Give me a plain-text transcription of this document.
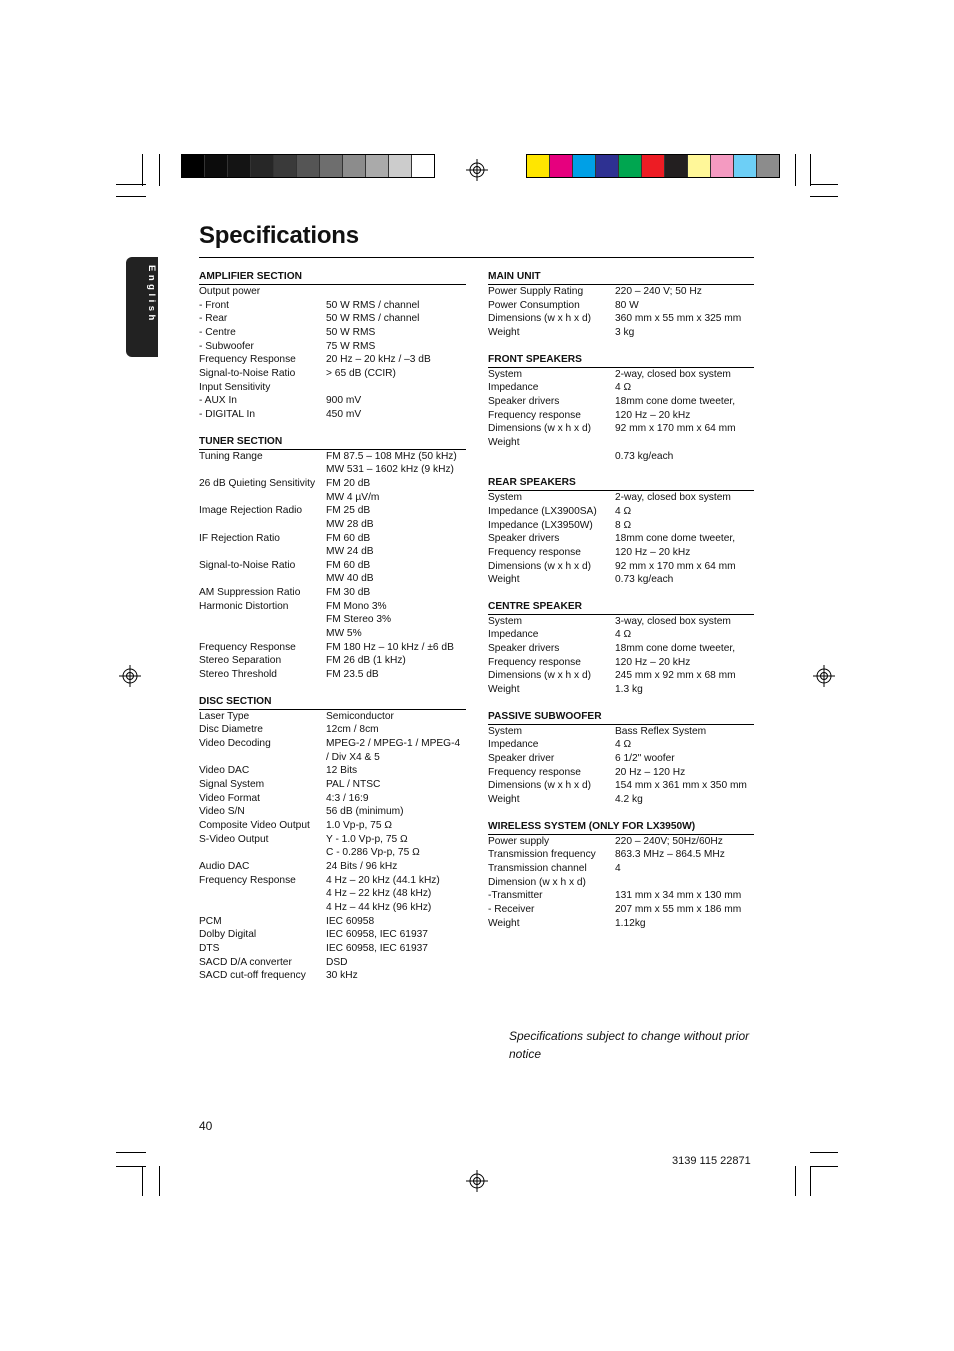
English
Specifications
AMPLIFIER SECTION
Output power
- Front	50 W RMS / channel
- Rear	50 W RMS / channel
- Centre	50 W RMS
- Subwoofer	75 W RMS
Frequency Response	20 Hz – 20 kHz / –3 dB
Signal-to-Noise Ratio	> 65 dB (CCIR)
Input Sensitivity
- AUX In	900 mV
- DIGITAL In	450 mV
TUNER SECTION
Tuning Range	FM 87.5 – 108 MHz (50 kHz)
MW 531 – 1602 kHz (9 kHz)
26 dB Quieting Sensitivity	FM 20 dB
MW 4 µV/m
Image Rejection Radio	FM 25 dB
MW 28 dB
IF Rejection Ratio	FM 60 dB
MW 24 dB
Signal-to-Noise Ratio	FM 60 dB
MW 40 dB
AM Suppression Ratio	FM 30 dB
Harmonic Distortion	FM Mono 3%
FM Stereo 3%
MW 5%
Frequency Response	FM 180 Hz – 10 kHz / ±6 dB
Stereo Separation	FM 26 dB (1 kHz)
Stereo Threshold	FM 23.5 dB
DISC SECTION
Laser Type	Semiconductor
Disc Diametre	12cm / 8cm
Video Decoding	MPEG-2 / MPEG-1 / MPEG-4
/ Div X4 & 5
Video DAC	12 Bits
Signal System	PAL / NTSC
Video Format	4:3 / 16:9
Video S/N	56 dB (minimum)
Composite Video Output	1.0 Vp-p, 75 Ω
S-Video Output	Y - 1.0 Vp-p, 75 Ω
C - 0.286 Vp-p, 75 Ω
Audio DAC	24 Bits / 96 kHz
Frequency Response	4 Hz – 20 kHz (44.1 kHz)
4 Hz – 22 kHz (48 kHz)
4 Hz – 44 kHz (96 kHz)
PCM	IEC 60958
Dolby Digital	IEC 60958, IEC 61937
DTS	IEC 60958, IEC 61937
SACD D/A converter	DSD
SACD cut-off frequency	30 kHz
MAIN UNIT
Power Supply Rating	220 – 240 V; 50 Hz
Power Consumption	80 W
Dimensions (w x h x d)	360 mm x 55 mm x 325 mm
Weight	3 kg
FRONT SPEAKERS
System	2-way, closed box system
Impedance	4 Ω
Speaker drivers	18mm cone dome tweeter,
Frequency response	120 Hz – 20 kHz
Dimensions (w x h x d)	92 mm x 170 mm x 64 mm
Weight
0.73 kg/each
REAR SPEAKERS
System	2-way, closed box system
Impedance (LX3900SA)	4 Ω
Impedance (LX3950W)	8 Ω
Speaker drivers	18mm cone dome tweeter,
Frequency response	120 Hz – 20 kHz
Dimensions (w x h x d)	92 mm x 170 mm x 64 mm
Weight	0.73 kg/each
CENTRE SPEAKER
System	3-way, closed box system
Impedance	4 Ω
Speaker drivers	18mm cone dome tweeter,
Frequency response	120 Hz – 20 kHz
Dimensions (w x h x d)	245 mm x 92 mm x 68 mm
Weight	1.3 kg
PASSIVE SUBWOOFER
System	Bass Reflex System
Impedance	4 Ω
Speaker driver	6 1/2" woofer
Frequency response	20 Hz – 120 Hz
Dimensions (w x h x d)	154 mm x 361 mm x 350 mm
Weight	4.2 kg
WIRELESS SYSTEM (ONLY FOR LX3950W)
Power supply	220 – 240V; 50Hz/60Hz
Transmission frequency	863.3 MHz – 864.5 MHz
Transmission channel	4
Dimension (w x h x d)
-Transmitter	131 mm x 34 mm x 130 mm
- Receiver	207 mm x 55 mm x 186 mm
Weight	1.12kg
Specifications subject to change without prior notice
40
3139 115 22871
